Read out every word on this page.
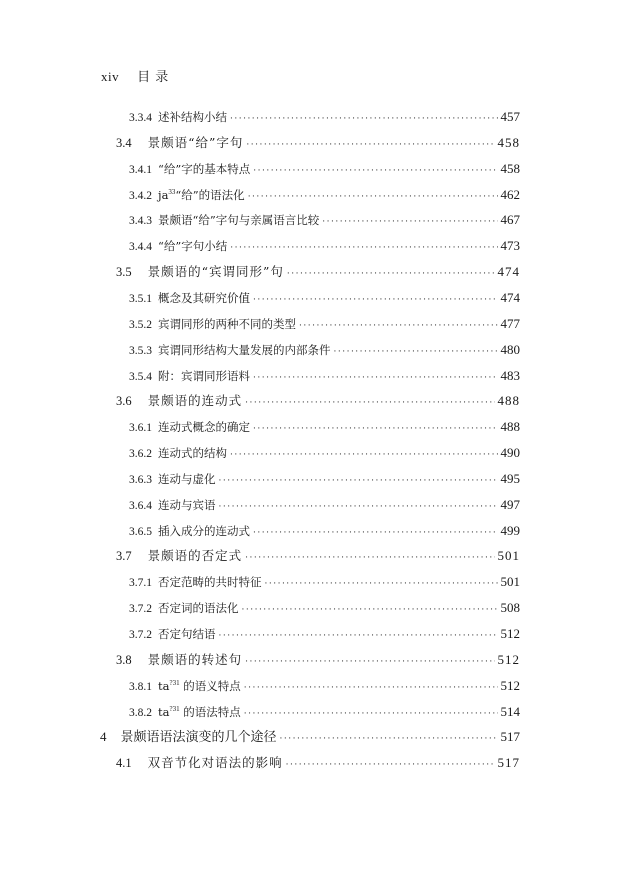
xiv 目 录
3.3.4 述补结构小结 ·····	457
3.4 景颇语“给”字句 ·····	458
3.4.1 “给”字的基本特点 ·····	458
3.4.2 $ja^{33}“$给”的语法化 ·····	462
3.4.3 景颇语“给”字句与亲属语言比较 ·····	467
3.4.4 “给”字句小结 ·····	473
3.5 景颇语的“宾谓同形”句 ·····	474
3.5.1 概念及其研究价值 ·····	474
3.5.2 宾谓同形的两种不同的类型 ·····	477
3.5.3 宾谓同形结构大量发展的内部条件 ·····	480
3.5.4 附：宾谓同形语料 ·····	483
3.6 景颇语的连动式 ·····	488
3.6.1 连动式概念的确定 ·····	488
3.6.2 连动式的结构 ·····	490
3.6.3 连动与虚化 ·····	495
3.6.4 连动与宾语 ·····	497
3.6.5 插入成分的连动式 ·····	499
3.7 景颇语的否定式 ·····	501
3.7.1 否定范畴的共时特征 ·····	501
3.7.2 否定词的语法化 ·····	508
3.7.2 否定句结语 ·····	512
3.8 景颇语的转述句 ·····	512
3.8.1 $ta^{?31}$ 的语义特点 ·····	512
3.8.2 $ta^{?31}$ 的语法特点 ·····	514
4 景颇语语法演变的几个途径 ·····	517
4.1 双音节化对语法的影响 ·····	517
